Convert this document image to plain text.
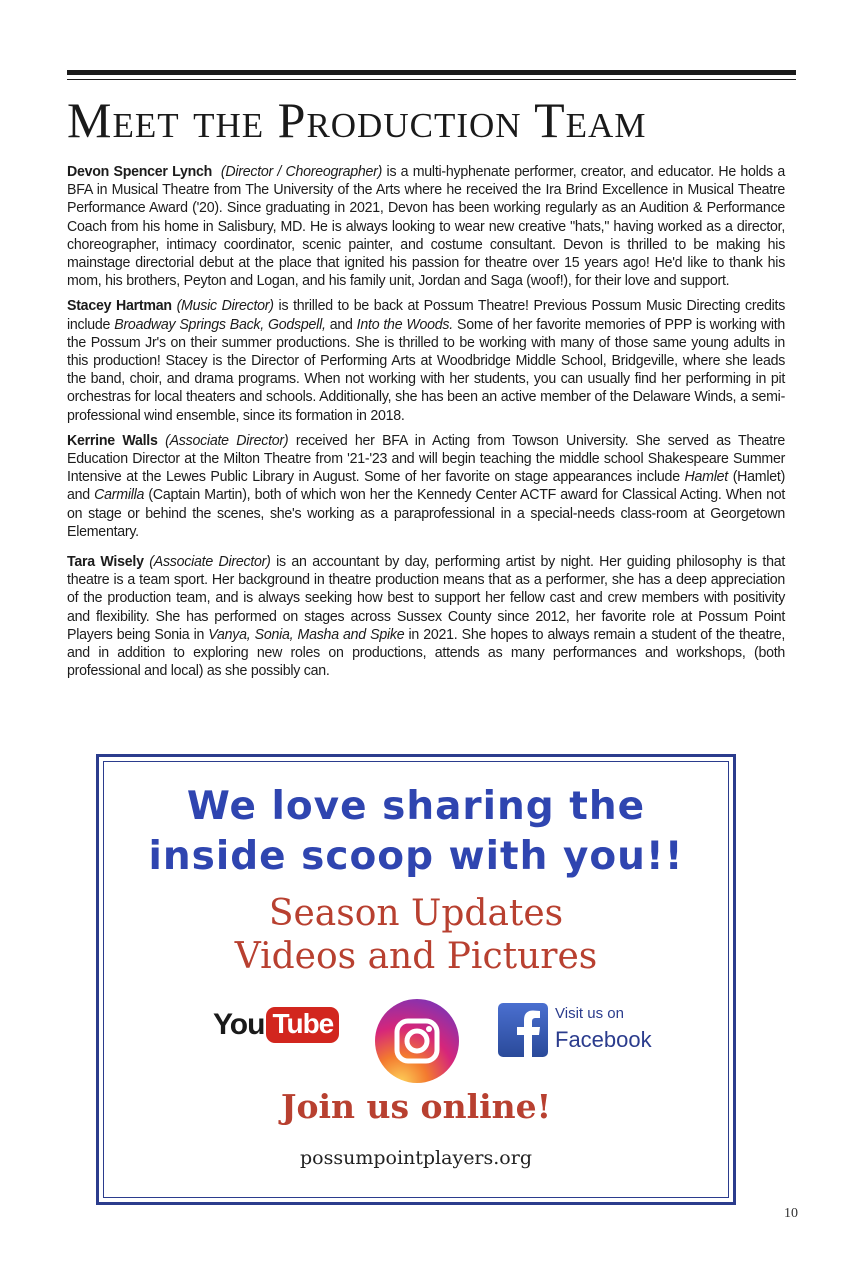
Meet the Production Team

Devon Spencer Lynch (Director / Choreographer) is a multi-hyphenate performer, creator, and educator. He holds a BFA in Musical Theatre from The University of the Arts where he received the Ira Brind Excellence in Musical Theatre Performance Award ('20). Since graduating in 2021, Devon has been working regularly as an Audition & Performance Coach from his home in Salisbury, MD. He is always looking to wear new creative "hats," having worked as a director, choreographer, intimacy coordinator, scenic painter, and costume consultant. Devon is thrilled to be making his mainstage directorial debut at the place that ignited his passion for theatre over 15 years ago! He'd like to thank his mom, his brothers, Peyton and Logan, and his family unit, Jordan and Saga (woof!), for their love and support.

Stacey Hartman (Music Director) is thrilled to be back at Possum Theatre! Previous Possum Music Directing credits include Broadway Springs Back, Godspell, and Into the Woods. Some of her favorite memories of PPP is working with the Possum Jr's on their summer productions. She is thrilled to be working with many of those same young adults in this production! Stacey is the Director of Performing Arts at Woodbridge Middle School, Bridgeville, where she leads the band, choir, and drama programs. When not working with her students, you can usually find her performing in pit orchestras for local theaters and schools. Additionally, she has been an active member of the Delaware Winds, a semi-professional wind ensemble, since its formation in 2018.

Kerrine Walls (Associate Director) received her BFA in Acting from Towson University. She served as Theatre Education Director at the Milton Theatre from '21-'23 and will begin teaching the middle school Shakespeare Summer Intensive at the Lewes Public Library in August. Some of her favorite on stage appearances include Hamlet (Hamlet) and Carmilla (Captain Martin), both of which won her the Kennedy Center ACTF award for Classical Acting. When not on stage or behind the scenes, she's working as a paraprofessional in a special-needs class-room at Georgetown Elementary.

Tara Wisely (Associate Director) is an accountant by day, performing artist by night. Her guiding philosophy is that theatre is a team sport. Her background in theatre production means that as a performer, she has a deep appreciation of the production team, and is always seeking how best to support her fellow cast and crew members with positivity and flexibility. She has performed on stages across Sussex County since 2012, her favorite role at Possum Point Players being Sonia in Vanya, Sonia, Masha and Spike in 2021. She hopes to always remain a student of the theatre, and in addition to exploring new roles on productions, attends as many performances and workshops, (both professional and local) as she possibly can.

We love sharing the
inside scoop with you!!
Season Updates
Videos and Pictures
You Tube	Visit us on
Facebook
Join us online!
possumpointplayers.org
10
